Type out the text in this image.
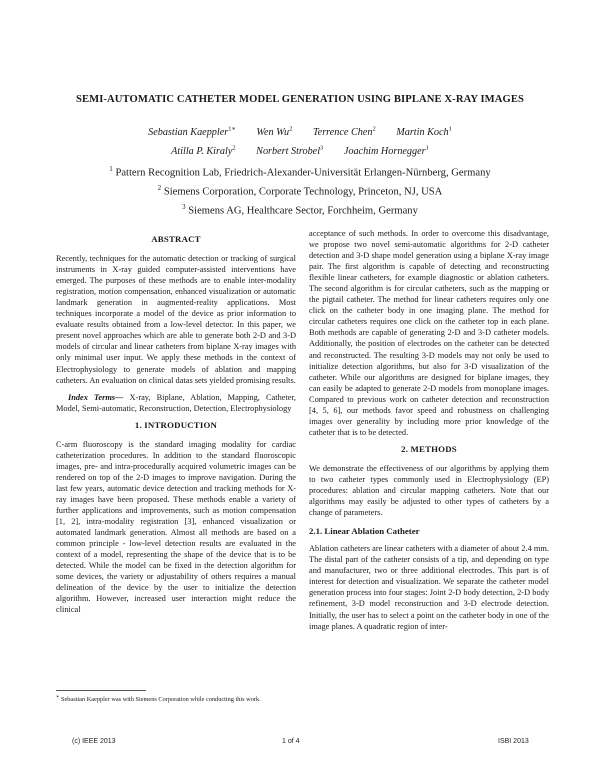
SEMI-AUTOMATIC CATHETER MODEL GENERATION USING BIPLANE X-RAY IMAGES
Sebastian Kaeppler$^{1∗}$ Wen Wu$^2$ Terrence Chen$^2$ Martin Koch$^1$
Atilla P. Kiraly$^2$ Norbert Strobel$^3$ Joachim Hornegger$^1$
$^1$ Pattern Recognition Lab, Friedrich-Alexander-Universität Erlangen-Nürnberg, Germany
$^2$ Siemens Corporation, Corporate Technology, Princeton, NJ, USA
$^3$ Siemens AG, Healthcare Sector, Forchheim, Germany
ABSTRACT

Recently, techniques for the automatic detection or tracking of surgical instruments in X-ray guided computer-assisted interventions have emerged. The purposes of these methods are to enable inter-modality registration, motion compensation, enhanced visualization or automatic landmark generation in augmented-reality applications. Most techniques incorporate a model of the device as prior information to evaluate results obtained from a low-level detector. In this paper, we present novel approaches which are able to generate both 2-D and 3-D models of circular and linear catheters from biplane X-ray images with only minimal user input. We apply these methods in the context of Electrophysiology to generate models of ablation and mapping catheters. An evaluation on clinical datas sets yielded promising results.

Index Terms— X-ray, Biplane, Ablation, Mapping, Catheter, Model, Semi-automatic, Reconstruction, Detection, Electrophysiology

1. INTRODUCTION

C-arm fluoroscopy is the standard imaging modality for cardiac catheterization procedures. In addition to the standard fluoroscopic images, pre- and intra-procedurally acquired volumetric images can be rendered on top of the 2-D images to improve navigation. During the last few years, automatic device detection and tracking methods for X-ray images have been proposed. These methods enable a variety of further applications and improvements, such as motion compensation [1, 2], intra-modality registration [3], enhanced visualization or automated landmark generation. Almost all methods are based on a common principle - low-level detection results are evaluated in the context of a model, representing the shape of the device that is to be detected. While the model can be fixed in the detection algorithm for some devices, the variety or adjustability of others requires a manual delineation of the device by the user to initialize the detection algorithm. However, increased user interaction might reduce the clinical

∗ Sebastian Kaeppler was with Siemens Corporation while conducting this work.

acceptance of such methods. In order to overcome this disadvantage, we propose two novel semi-automatic algorithms for 2-D catheter detection and 3-D shape model generation using a biplane X-ray image pair. The first algorithm is capable of detecting and reconstructing flexible linear catheters, for example diagnostic or ablation catheters. The second algorithm is for circular catheters, such as the mapping or the pigtail catheter. The method for linear catheters requires only one click on the catheter body in one imaging plane. The method for circular catheters requires one click on the catheter top in each plane. Both methods are capable of generating 2-D and 3-D catheter models. Additionally, the position of electrodes on the catheter can be detected and reconstructed. The resulting 3-D models may not only be used to initialize detection algorithms, but also for 3-D visualization of the catheter. While our algorithms are designed for biplane images, they can easily be adapted to generate 2-D models from monoplane images. Compared to previous work on catheter detection and reconstruction [4, 5, 6], our methods favor speed and robustness on challenging images over generality by including more prior knowledge of the catheter that is to be detected.

2. METHODS

We demonstrate the effectiveness of our algorithms by applying them to two catheter types commonly used in Electrophysiology (EP) procedures: ablation and circular mapping catheters. Note that our algorithms may easily be adjusted to other types of catheters by a change of parameters.

2.1. Linear Ablation Catheter

Ablation catheters are linear catheters with a diameter of about 2.4 mm. The distal part of the catheter consists of a tip, and depending on type and manufacturer, two or three additional electrodes. This part is of interest for detection and visualization. We separate the catheter model generation process into four stages: Joint 2-D body detection, 2-D body refinement, 3-D model reconstruction and 3-D electrode detection. Initially, the user has to select a point on the catheter body in one of the image planes. A quadratic region of inter-

(c) IEEE 2013	1 of 4	ISBI 2013
